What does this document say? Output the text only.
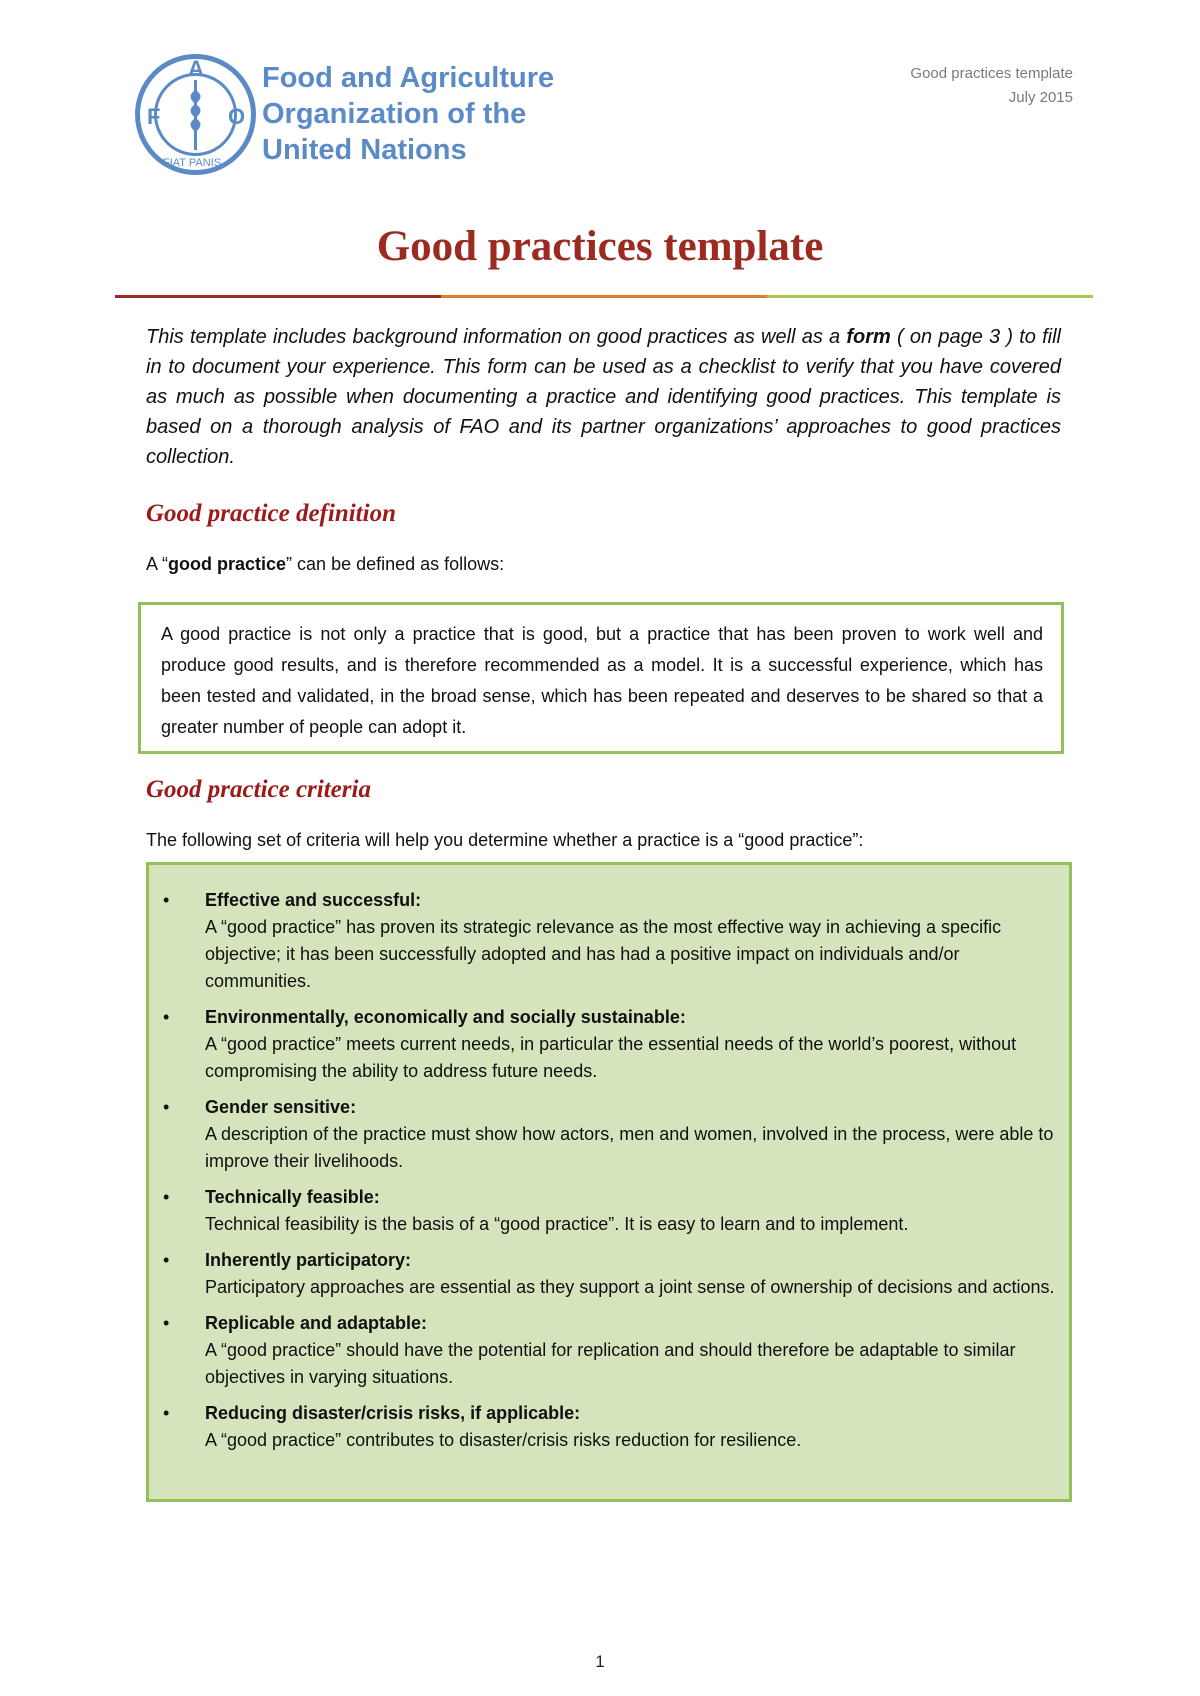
F
A
O
FIAT PANIS
Food and Agriculture
Organization of the
United Nations
Good practices template
July 2015
Good practices template
This template includes background information on good practices as well as a form ( on page 3 ) to fill in to document your experience. This form can be used as a checklist to verify that you have covered as much as possible when documenting a practice and identifying good practices. This template is based on a thorough analysis of FAO and its partner organizations’ approaches to good practices collection.
Good practice definition
A “good practice” can be defined as follows:
A good practice is not only a practice that is good, but a practice that has been proven to work well and produce good results, and is therefore recommended as a model. It is a successful experience, which has been tested and validated, in the broad sense, which has been repeated and deserves to be shared so that a greater number of people can adopt it.
Good practice criteria
The following set of criteria will help you determine whether a practice is a “good practice”:
• Effective and successful:
A “good practice” has proven its strategic relevance as the most effective way in achieving a specific objective; it has been successfully adopted and has had a positive impact on individuals and/or communities.
• Environmentally, economically and socially sustainable:
A “good practice” meets current needs, in particular the essential needs of the world’s poorest, without compromising the ability to address future needs.
• Gender sensitive:
A description of the practice must show how actors, men and women, involved in the process, were able to improve their livelihoods.
• Technically feasible:
Technical feasibility is the basis of a “good practice”. It is easy to learn and to implement.
• Inherently participatory:
Participatory approaches are essential as they support a joint sense of ownership of decisions and actions.
• Replicable and adaptable:
A “good practice” should have the potential for replication and should therefore be adaptable to similar objectives in varying situations.
• Reducing disaster/crisis risks, if applicable:
A “good practice” contributes to disaster/crisis risks reduction for resilience.
1
